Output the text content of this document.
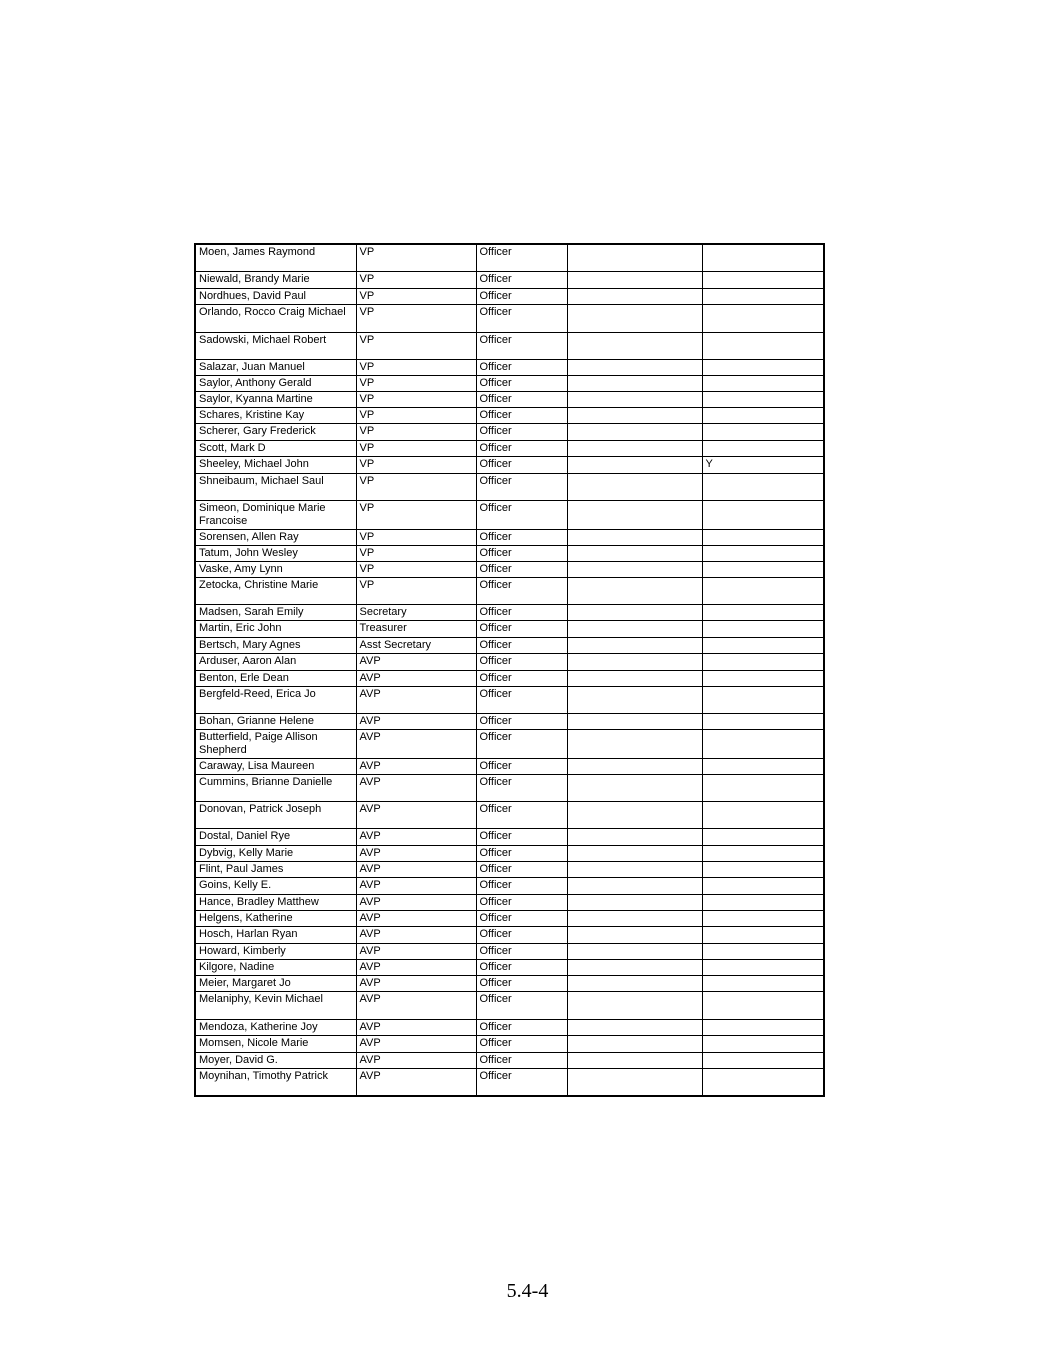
Moen, James Raymond	VP	Officer		
Niewald, Brandy Marie	VP	Officer		
Nordhues, David Paul	VP	Officer		
Orlando, Rocco Craig Michael	VP	Officer		
Sadowski, Michael Robert	VP	Officer		
Salazar, Juan Manuel	VP	Officer		
Saylor, Anthony Gerald	VP	Officer		
Saylor, Kyanna Martine	VP	Officer		
Schares, Kristine Kay	VP	Officer		
Scherer, Gary Frederick	VP	Officer		
Scott, Mark D	VP	Officer		
Sheeley, Michael John	VP	Officer		Y
Shneibaum, Michael Saul	VP	Officer		
Simeon, Dominique Marie Francoise	VP	Officer		
Sorensen, Allen Ray	VP	Officer		
Tatum, John Wesley	VP	Officer		
Vaske, Amy Lynn	VP	Officer		
Zetocka, Christine Marie	VP	Officer		
Madsen, Sarah Emily	Secretary	Officer		
Martin, Eric John	Treasurer	Officer		
Bertsch, Mary Agnes	Asst Secretary	Officer		
Arduser, Aaron Alan	AVP	Officer		
Benton, Erle Dean	AVP	Officer		
Bergfeld-Reed, Erica Jo	AVP	Officer		
Bohan, Grianne Helene	AVP	Officer		
Butterfield, Paige Allison Shepherd	AVP	Officer		
Caraway, Lisa Maureen	AVP	Officer		
Cummins, Brianne Danielle	AVP	Officer		
Donovan, Patrick Joseph	AVP	Officer		
Dostal, Daniel Rye	AVP	Officer		
Dybvig, Kelly Marie	AVP	Officer		
Flint, Paul James	AVP	Officer		
Goins, Kelly E.	AVP	Officer		
Hance, Bradley Matthew	AVP	Officer		
Helgens, Katherine	AVP	Officer		
Hosch, Harlan Ryan	AVP	Officer		
Howard, Kimberly	AVP	Officer		
Kilgore, Nadine	AVP	Officer		
Meier, Margaret Jo	AVP	Officer		
Melaniphy, Kevin Michael	AVP	Officer		
Mendoza, Katherine Joy	AVP	Officer		
Momsen, Nicole Marie	AVP	Officer		
Moyer, David G.	AVP	Officer		
Moynihan, Timothy Patrick	AVP	Officer		
5.4-4
